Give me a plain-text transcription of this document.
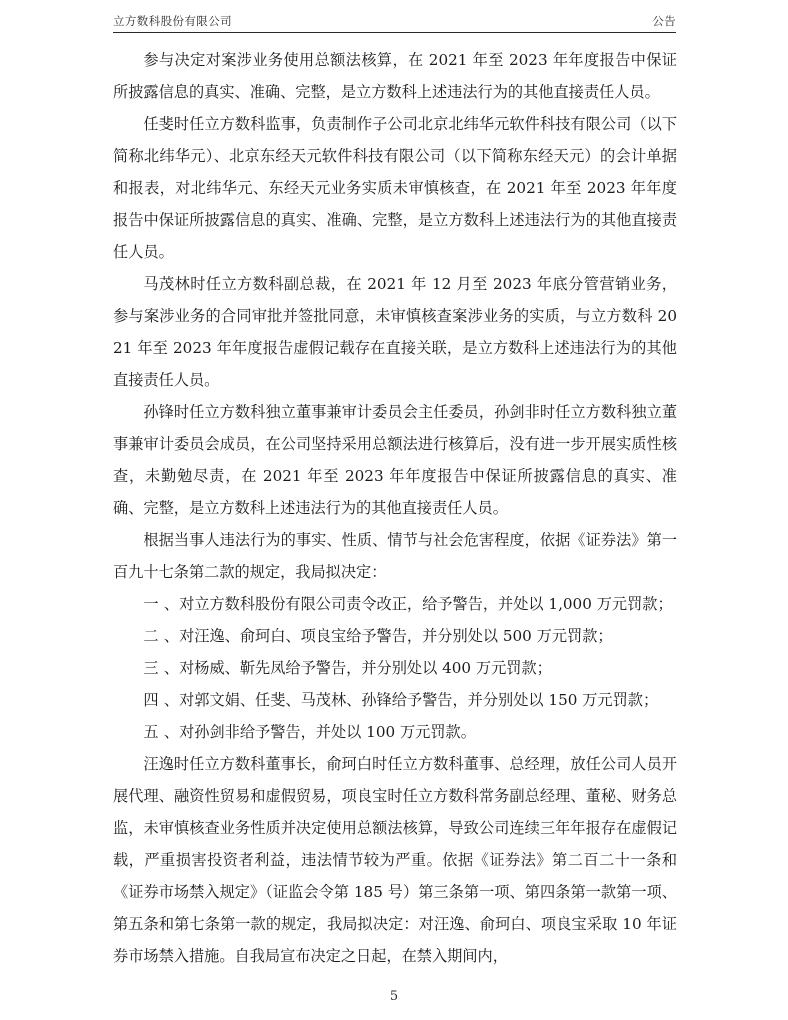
立方数科股份有限公司	公告

参与决定对案涉业务使用总额法核算，在 2021 年至 2023 年年度报告中保证所披露信息的真实、准确、完整，是立方数科上述违法行为的其他直接责任人员。

任斐时任立方数科监事，负责制作子公司北京北纬华元软件科技有限公司（以下简称北纬华元）、北京东经天元软件科技有限公司（以下简称东经天元）的会计单据和报表，对北纬华元、东经天元业务实质未审慎核查，在 2021 年至 2023 年年度报告中保证所披露信息的真实、准确、完整，是立方数科上述违法行为的其他直接责任人员。

马茂林时任立方数科副总裁，在 2021 年 12 月至 2023 年底分管营销业务，参与案涉业务的合同审批并签批同意，未审慎核查案涉业务的实质，与立方数科 2021 年至 2023 年年度报告虚假记载存在直接关联，是立方数科上述违法行为的其他直接责任人员。

孙锋时任立方数科独立董事兼审计委员会主任委员，孙剑非时任立方数科独立董事兼审计委员会成员，在公司坚持采用总额法进行核算后，没有进一步开展实质性核查，未勤勉尽责，在 2021 年至 2023 年年度报告中保证所披露信息的真实、准确、完整，是立方数科上述违法行为的其他直接责任人员。

根据当事人违法行为的事实、性质、情节与社会危害程度，依据《证券法》第一百九十七条第二款的规定，我局拟决定：

一 、对立方数科股份有限公司责令改正，给予警告，并处以 1,000 万元罚款；

二 、对汪逸、俞珂白、项良宝给予警告，并分别处以 500 万元罚款；

三 、对杨威、靳先凤给予警告，并分别处以 400 万元罚款；

四 、对郭文娟、任斐、马茂林、孙锋给予警告，并分别处以 150 万元罚款；

五 、对孙剑非给予警告，并处以 100 万元罚款。

汪逸时任立方数科董事长，俞珂白时任立方数科董事、总经理，放任公司人员开展代理、融资性贸易和虚假贸易，项良宝时任立方数科常务副总经理、董秘、财务总监，未审慎核查业务性质并决定使用总额法核算，导致公司连续三年年报存在虚假记载，严重损害投资者利益，违法情节较为严重。依据《证券法》第二百二十一条和《证券市场禁入规定》（证监会令第 185 号）第三条第一项、第四条第一款第一项、第五条和第七条第一款的规定，我局拟决定：对汪逸、俞珂白、项良宝采取 10 年证券市场禁入措施。自我局宣布决定之日起，在禁入期间内，

5
